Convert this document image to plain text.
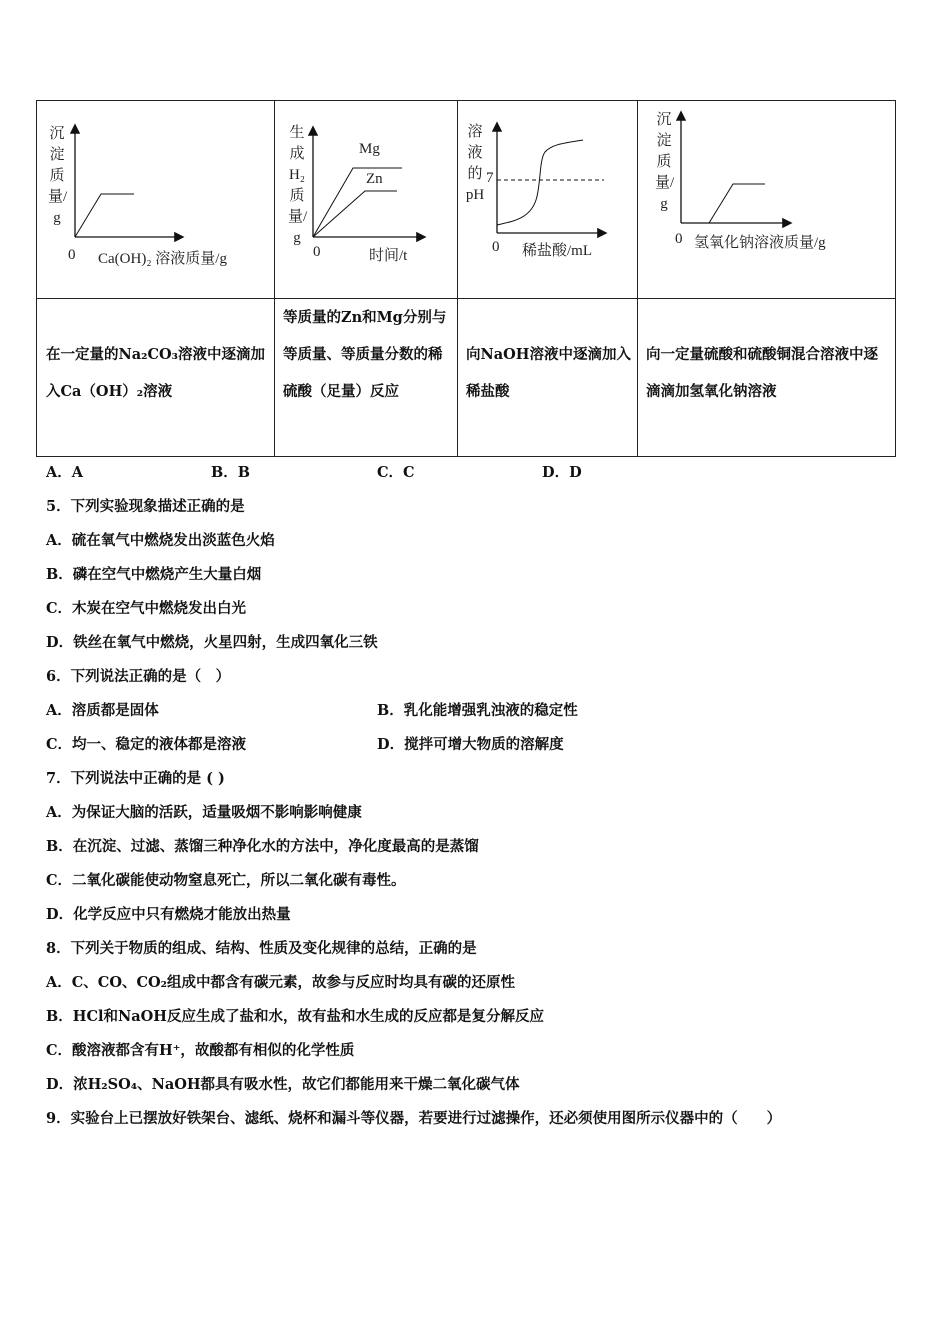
在一定量的Na₂CO₃溶液中逐滴加入Ca（OH）₂溶液
等质量的Zn和Mg分别与等质量、等质量分数的稀硫酸（足量）反应
向NaOH溶液中逐滴加入稀盐酸
向一定量硫酸和硫酸铜混合溶液中逐滴滴加氢氧化钠溶液
沉淀质量/g
0 Ca(OH)₂ 溶液质量/g
生成H₂质量/g
Mg
Zn
0	时间/t
溶液的pH
7
0 稀盐酸/mL
沉淀质量/g
0 氢氧化钠溶液质量/g
A．A	B．B	C．C	D．D
5．下列实验现象描述正确的是
A．硫在氧气中燃烧发出淡蓝色火焰
B．磷在空气中燃烧产生大量白烟
C．木炭在空气中燃烧发出白光
D．铁丝在氧气中燃烧，火星四射，生成四氧化三铁
6．下列说法正确的是（　）
A．溶质都是固体	B．乳化能增强乳浊液的稳定性
C．均一、稳定的液体都是溶液	D．搅拌可增大物质的溶解度
7．下列说法中正确的是 ( )
A．为保证大脑的活跃，适量吸烟不影响影响健康
B．在沉淀、过滤、蒸馏三种净化水的方法中，净化度最高的是蒸馏
C．二氧化碳能使动物窒息死亡，所以二氧化碳有毒性。
D．化学反应中只有燃烧才能放出热量
8．下列关于物质的组成、结构、性质及变化规律的总结，正确的是
A．C、CO、CO₂组成中都含有碳元素，故参与反应时均具有碳的还原性
B．HCl和NaOH反应生成了盐和水，故有盐和水生成的反应都是复分解反应
C．酸溶液都含有H⁺，故酸都有相似的化学性质
D．浓H₂SO₄、NaOH都具有吸水性，故它们都能用来干燥二氧化碳气体
9．实验台上已摆放好铁架台、滤纸、烧杯和漏斗等仪器，若要进行过滤操作，还必须使用图所示仪器中的（　　）
